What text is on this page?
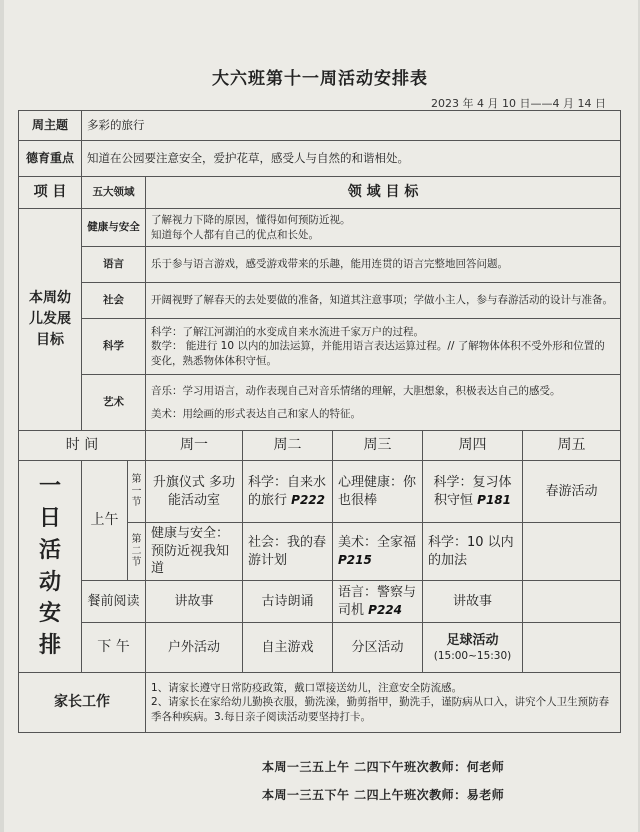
大六班第十一周活动安排表
2023 年 4 月 10 日——4 月 14 日
周主题	多彩的旅行						
德育重点	知道在公园要注意安全，爱护花草，感受人与自然的和谐相处。						
项 目	五大领域		领 域 目 标				
本周幼儿发展目标	健康与安全		了解视力下降的原因，懂得如何预防近视。
知道每个人都有自己的优点和长处。				

	语言		乐于参与语言游戏，感受游戏带来的乐趣，能用连贯的语言完整地回答问题。				

	社会		开阔视野了解春天的去处要做的准备，知道其注意事项；学做小主人，参与春游活动的设计与准备。				

	科学		科学：了解江河湖泊的水变成自来水流进千家万户的过程。
数学： 能进行 10 以内的加法运算，并能用语言表达运算过程。// 了解物体体积不受外形和位置的变化，熟悉物体体积守恒。				

	艺术		音乐：学习用语言，动作表现自己对音乐情绪的理解，大胆想象，积极表达自己的感受。
美术：用绘画的形式表达自己和家人的特征。				

时 间			周一	周二	周三	周四	周五

一日活动安排	上午	第一节	升旗仪式 多功能活动室	科学：自来水的旅行 P222	心理健康：你也很棒	科学：复习体积守恒 P181	春游活动

		第二节	健康与安全：预防近视我知道	社会：我的春游计划	美术：全家福 P215	科学：10 以内的加法	
	餐前阅读		讲故事	古诗朗诵	语言：警察与司机 P224	讲故事	
	下 午		户外活动	自主游戏	分区活动	足球活动
(15:00~15:30)	

家长工作			1、请家长遵守日常防疫政策，戴口罩接送幼儿，注意安全防流感。
2、请家长在家给幼儿勤换衣服，勤洗澡，勤剪指甲，勤洗手，谨防病从口入，讲究个人卫生预防春季各种疾病。3.每日亲子阅读活动要坚持打卡。				
本周一三五上午 二四下午班次教师：何老师
本周一三五下午 二四上午班次教师：易老师
